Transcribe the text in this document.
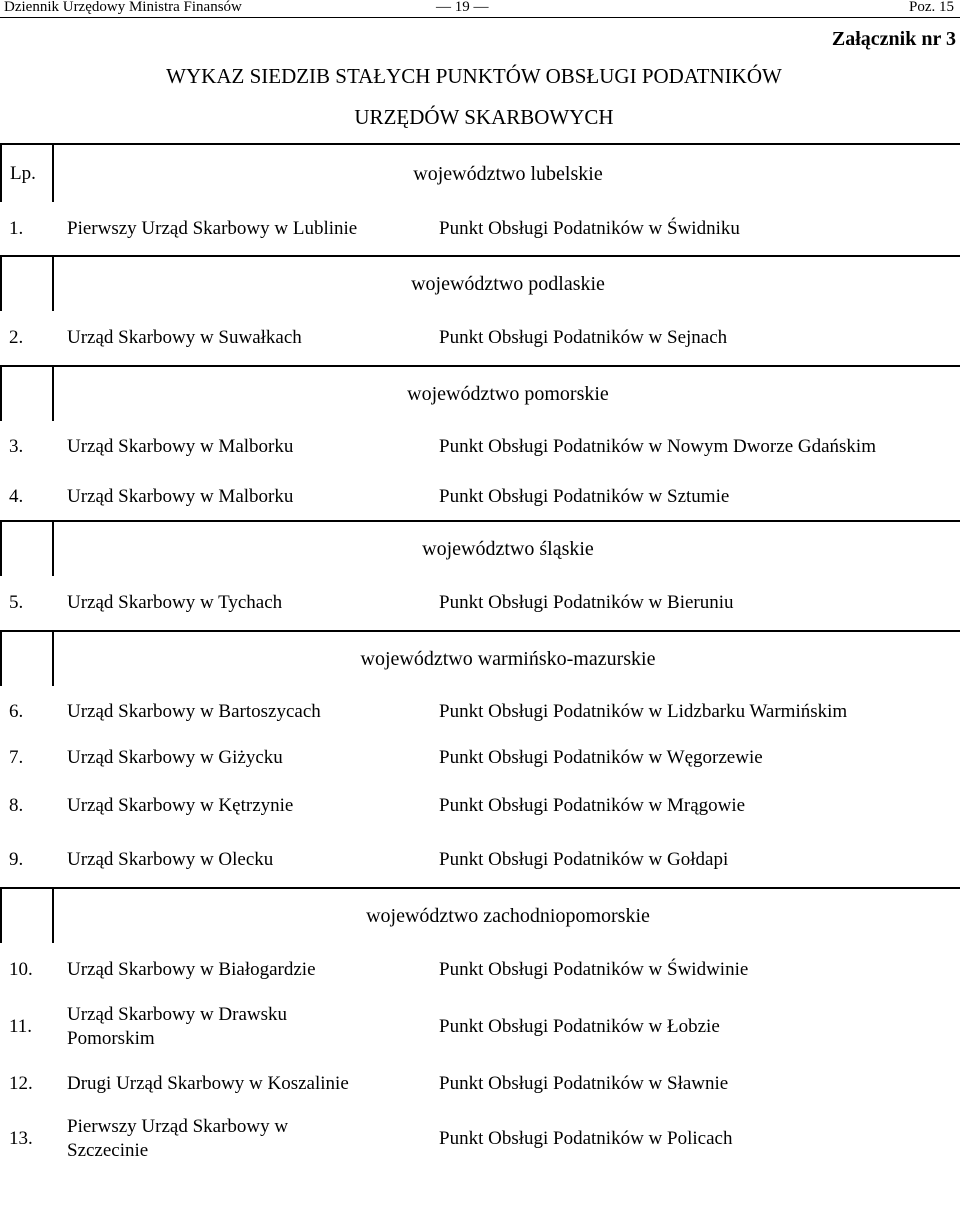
Dziennik Urzędowy Ministra Finansów	— 19 —	Poz. 15
Załącznik nr 3
WYKAZ SIEDZIB STAŁYCH PUNKTÓW OBSŁUGI PODATNIKÓW
URZĘDÓW SKARBOWYCH
Lp.	województwo lubelskie	
1.	Pierwszy Urząd Skarbowy w Lublinie	Punkt Obsługi Podatników w Świdniku
	województwo podlaskie	
2.	Urząd Skarbowy w Suwałkach	Punkt Obsługi Podatników w Sejnach
	województwo pomorskie	
3.	Urząd Skarbowy w Malborku	Punkt Obsługi Podatników w Nowym Dworze Gdańskim
4.	Urząd Skarbowy w Malborku	Punkt Obsługi Podatników w Sztumie
	województwo śląskie	
5.	Urząd Skarbowy w Tychach	Punkt Obsługi Podatników w Bieruniu
	województwo warmińsko-mazurskie	
6.	Urząd Skarbowy w Bartoszycach	Punkt Obsługi Podatników w Lidzbarku Warmińskim
7.	Urząd Skarbowy w Giżycku	Punkt Obsługi Podatników w Węgorzewie
8.	Urząd Skarbowy w Kętrzynie	Punkt Obsługi Podatników w Mrągowie
9.	Urząd Skarbowy w Olecku	Punkt Obsługi Podatników w Gołdapi
	województwo zachodniopomorskie	
10.	Urząd Skarbowy w Białogardzie	Punkt Obsługi Podatników w Świdwinie
11.	Urząd Skarbowy w Drawsku Pomorskim	Punkt Obsługi Podatników w Łobzie
12.	Drugi Urząd Skarbowy w Koszalinie	Punkt Obsługi Podatników w Sławnie
13.	Pierwszy Urząd Skarbowy w Szczecinie	Punkt Obsługi Podatników w Policach
